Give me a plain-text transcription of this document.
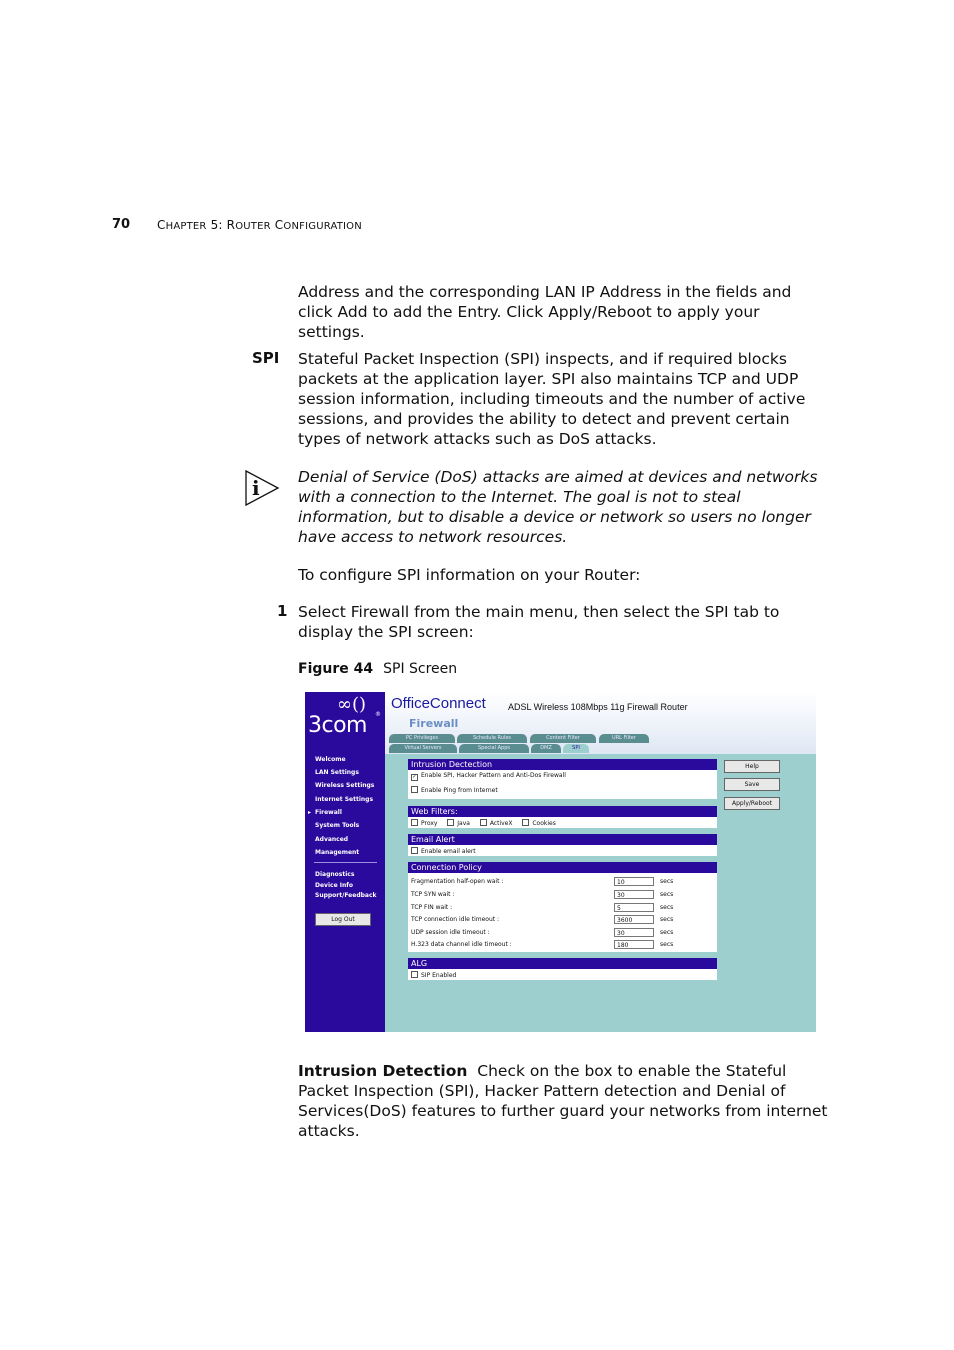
70 CHAPTER 5: ROUTER CONFIGURATION
Address and the corresponding LAN IP Address in the fields and click Add to add the Entry. Click Apply/Reboot to apply your settings.
SPI Stateful Packet Inspection (SPI) inspects, and if required blocks packets at the application layer. SPI also maintains TCP and UDP session information, including timeouts and the number of active sessions, and provides the ability to detect and prevent certain types of network attacks such as DoS attacks.
i Denial of Service (DoS) attacks are aimed at devices and networks with a connection to the Internet. The goal is not to steal information, but to disable a device or network so users no longer have access to network resources.
To configure SPI information on your Router:
1 Select Firewall from the main menu, then select the SPI tab to display the SPI screen:
Figure 44 SPI Screen
∞()
3com ®
Welcome
LAN Settings
Wireless Settings
Internet Settings
▸ Firewall
System Tools
Advanced
Management
Diagnostics
Device Info
Support/Feedback
Log Out
OfficeConnect ADSL Wireless 108Mbps 11g Firewall Router
Firewall
PC Privileges	Schedule Rules	Content Filter	URL Filter
Virtual Servers	Special Apps	DMZ	SPI
Help
Save
Apply/Reboot
Intrusion Dectection
✓ Enable SPI, Hacker Pattern and Anti-Dos Firewall
Enable Ping from Internet
Web Filters:
Proxy	Java	ActiveX	Cookies
Email Alert
Enable email alert
Connection Policy
Fragmentation half-open wait :	10	secs
TCP SYN wait :	30	secs
TCP FIN wait :	5	secs
TCP connection idle timeout :	3600	secs
UDP session idle timeout :	30	secs
H.323 data channel idle timeout :	180	secs
ALG
SIP Enabled
Intrusion Detection Check on the box to enable the Stateful Packet Inspection (SPI), Hacker Pattern detection and Denial of Services(DoS) features to further guard your networks from internet attacks.
